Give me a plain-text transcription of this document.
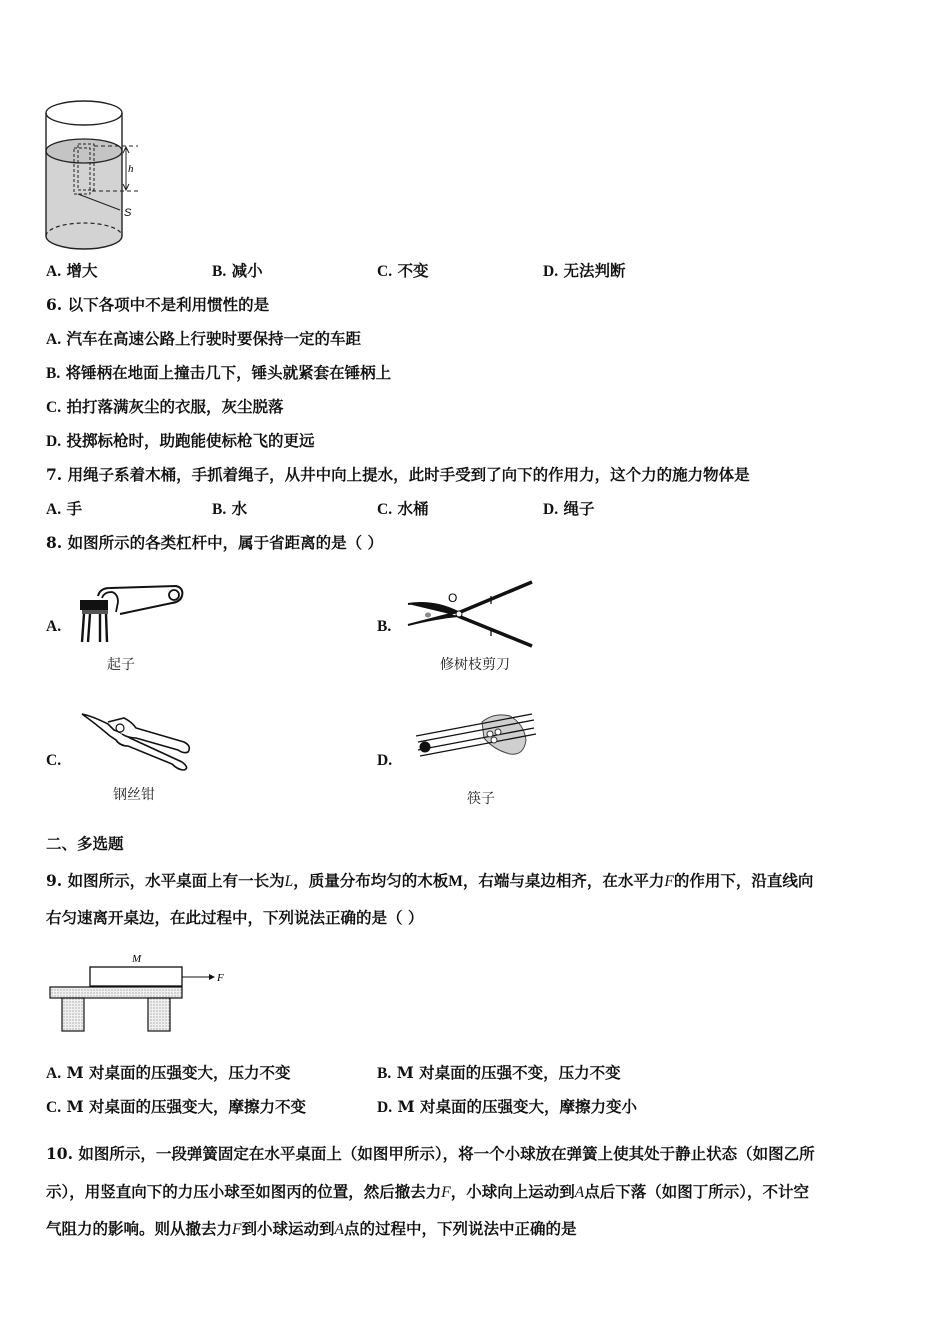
h
S
A. 增大	B. 减小	C. 不变	D. 无法判断
6. 以下各项中不是利用惯性的是
A. 汽车在高速公路上行驶时要保持一定的车距
B. 将锤柄在地面上撞击几下，锤头就紧套在锤柄上
C. 拍打落满灰尘的衣服，灰尘脱落
D. 投掷标枪时，助跑能使标枪飞的更远
7. 用绳子系着木桶，手抓着绳子，从井中向上提水，此时手受到了向下的作用力，这个力的施力物体是
A. 手	B. 水	C. 水桶	D. 绳子
8. 如图所示的各类杠杆中，属于省距离的是（ ）
A.
起子
B.
O
修树枝剪刀
C.
钢丝钳
D.
筷子
二、多选题
9. 如图所示，水平桌面上有一长为L，质量分布均匀的木板M，右端与桌边相齐，在水平力F的作用下，沿直线向
右匀速离开桌边，在此过程中，下列说法正确的是（ ）
M
F
A. M 对桌面的压强变大，压力不变	B. M 对桌面的压强不变，压力不变
C. M 对桌面的压强变大，摩擦力不变	D. M 对桌面的压强变大，摩擦力变小
10. 如图所示，一段弹簧固定在水平桌面上（如图甲所示），将一个小球放在弹簧上使其处于静止状态（如图乙所
示），用竖直向下的力压小球至如图丙的位置，然后撤去力F，小球向上运动到A点后下落（如图丁所示），不计空
气阻力的影响。则从撤去力F到小球运动到A点的过程中，下列说法中正确的是
